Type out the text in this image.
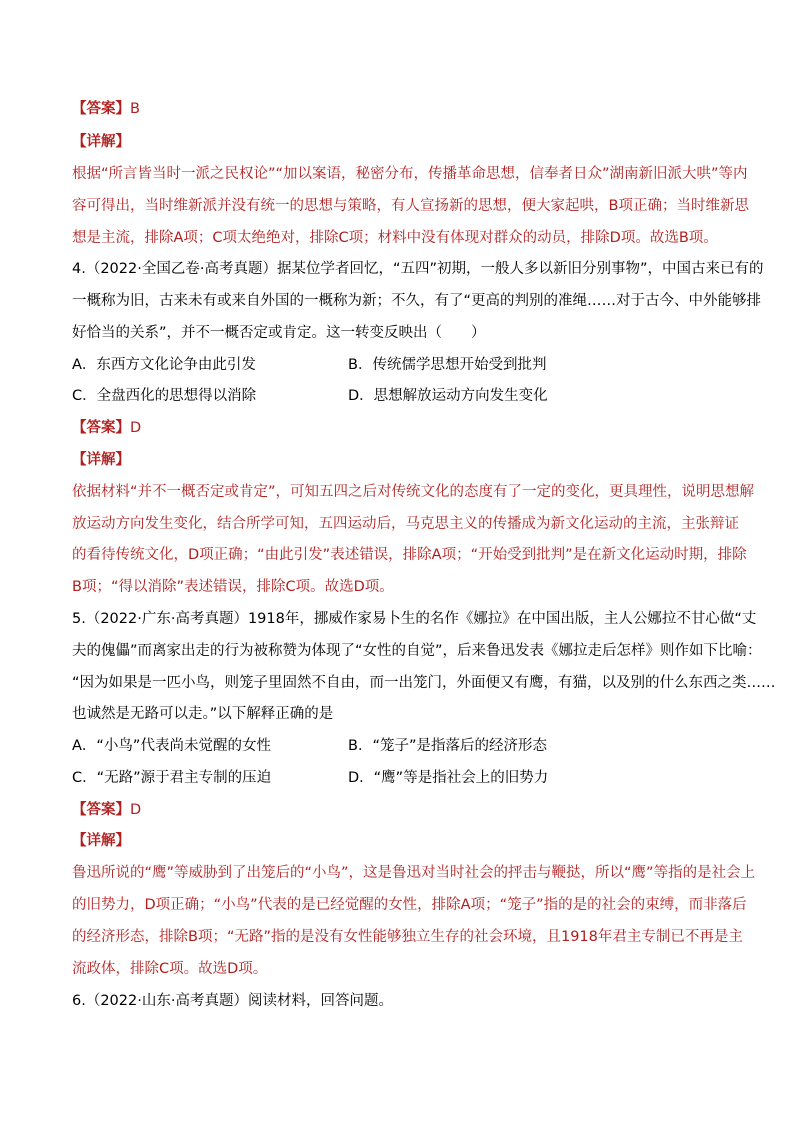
【答案】B
【详解】
根据“所言皆当时一派之民权论”“加以案语，秘密分布，传播革命思想，信奉者日众”湖南新旧派大哄”等内
容可得出，当时维新派并没有统一的思想与策略，有人宣扬新的思想，便大家起哄，B项正确；当时维新思
想是主流，排除A项；C项太绝绝对，排除C项；材料中没有体现对群众的动员，排除D项。故选B项。
4.（2022·全国乙卷·高考真题）据某位学者回忆，“五四”初期，一般人多以新旧分别事物”，中国古来已有的
一概称为旧，古来未有或来自外国的一概称为新；不久，有了“更高的判别的准绳……对于古今、中外能够排
好恰当的关系”，并不一概否定或肯定。这一转变反映出（　　）
A．东西方文化论争由此引发	B．传统儒学思想开始受到批判
C．全盘西化的思想得以消除	D．思想解放运动方向发生变化
【答案】D
【详解】
依据材料“并不一概否定或肯定”，可知五四之后对传统文化的态度有了一定的变化，更具理性，说明思想解
放运动方向发生变化，结合所学可知，五四运动后，马克思主义的传播成为新文化运动的主流，主张辩证
的看待传统文化，D项正确；“由此引发”表述错误，排除A项；“开始受到批判”是在新文化运动时期，排除
B项；“得以消除”表述错误，排除C项。故选D项。
5.（2022·广东·高考真题）1918年，挪威作家易卜生的名作《娜拉》在中国出版，主人公娜拉不甘心做“丈
夫的傀儡”而离家出走的行为被称赞为体现了“女性的自觉”，后来鲁迅发表《娜拉走后怎样》则作如下比喻：
“因为如果是一匹小鸟，则笼子里固然不自由，而一出笼门，外面便又有鹰，有猫，以及别的什么东西之类……
也诚然是无路可以走。”以下解释正确的是
A．“小鸟”代表尚未觉醒的女性	B．“笼子”是指落后的经济形态
C．“无路”源于君主专制的压迫	D．“鹰”等是指社会上的旧势力
【答案】D
【详解】
鲁迅所说的“鹰”等威胁到了出笼后的“小鸟”，这是鲁迅对当时社会的抨击与鞭挞，所以“鹰”等指的是社会上
的旧势力，D项正确；“小鸟”代表的是已经觉醒的女性，排除A项；“笼子”指的是的社会的束缚，而非落后
的经济形态，排除B项；“无路”指的是没有女性能够独立生存的社会环境，且1918年君主专制已不再是主
流政体，排除C项。故选D项。
6.（2022·山东·高考真题）阅读材料，回答问题。
